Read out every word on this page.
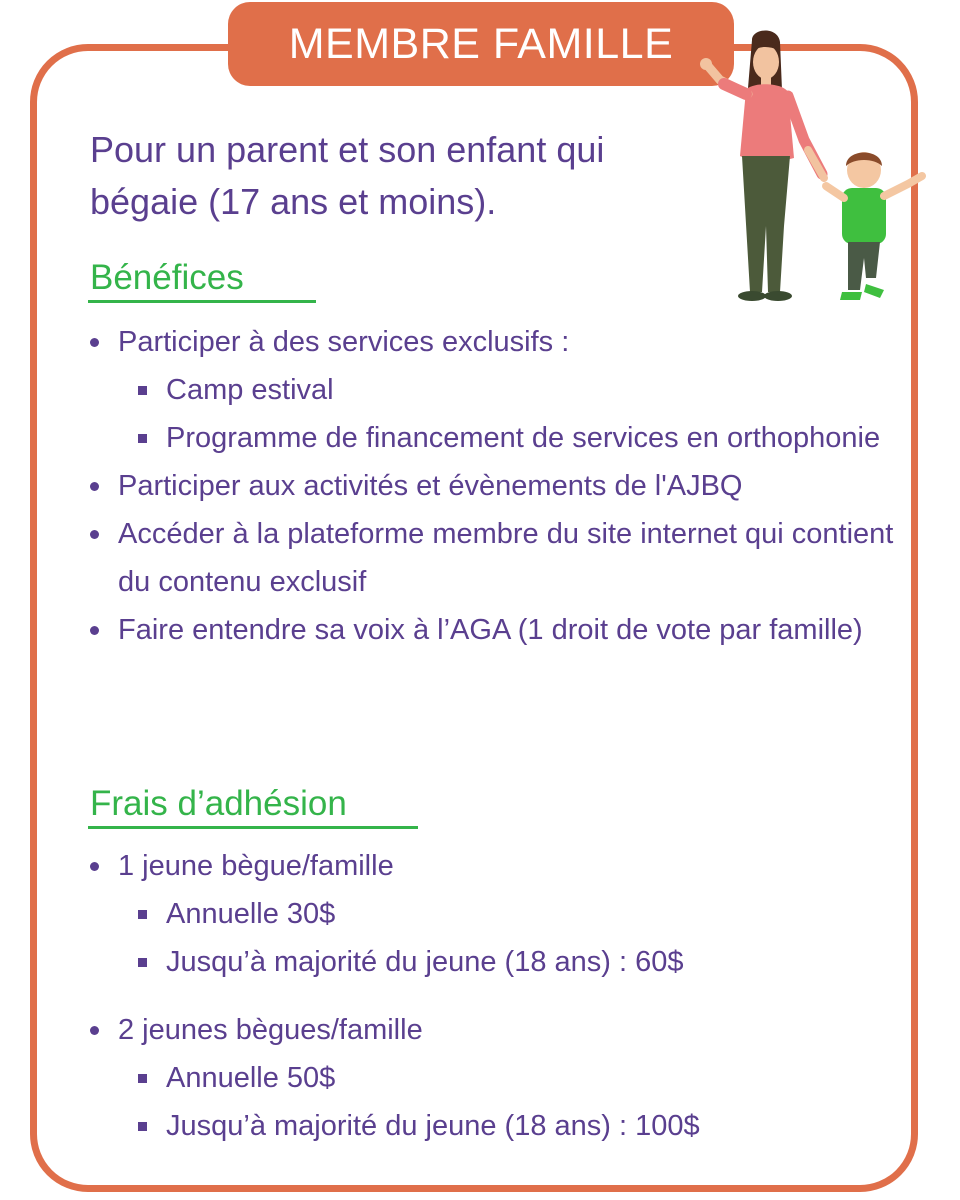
MEMBRE FAMILLE

Pour un parent et son enfant qui bégaie (17 ans et moins).

Bénéfices
Participer à des services exclusifs :
Camp estival
Programme de financement de services en orthophonie
Participer aux activités et évènements de l'AJBQ
Accéder à la plateforme membre du site internet qui contient du contenu exclusif
Faire entendre sa voix à l’AGA (1 droit de vote par famille)
Frais d’adhésion
1 jeune bègue/famille
Annuelle 30$
Jusqu’à majorité du jeune (18 ans) : 60$
2 jeunes bègues/famille
Annuelle 50$
Jusqu’à majorité du jeune (18 ans) : 100$
